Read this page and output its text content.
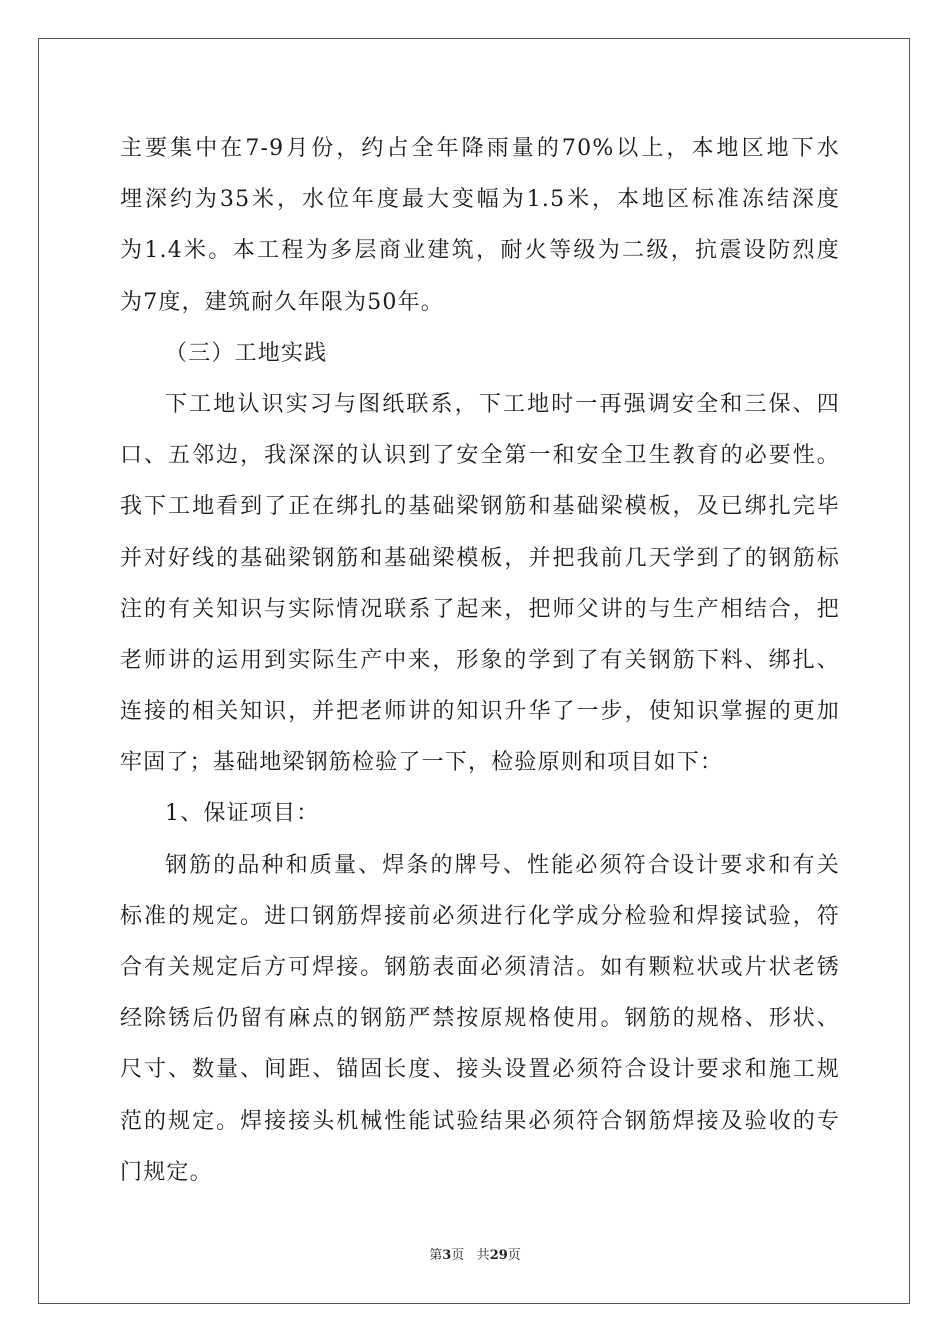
主要集中在7-9月份，约占全年降雨量的70%以上，本地区地下水
埋深约为35米，水位年度最大变幅为1.5米，本地区标准冻结深度
为1.4米。本工程为多层商业建筑，耐火等级为二级，抗震设防烈度
为7度，建筑耐久年限为50年。
（三）工地实践
下工地认识实习与图纸联系，下工地时一再强调安全和三保、四
口、五邻边，我深深的认识到了安全第一和安全卫生教育的必要性。
我下工地看到了正在绑扎的基础梁钢筋和基础梁模板，及已绑扎完毕
并对好线的基础梁钢筋和基础梁模板，并把我前几天学到了的钢筋标
注的有关知识与实际情况联系了起来，把师父讲的与生产相结合，把
老师讲的运用到实际生产中来，形象的学到了有关钢筋下料、绑扎、
连接的相关知识，并把老师讲的知识升华了一步，使知识掌握的更加
牢固了；基础地梁钢筋检验了一下，检验原则和项目如下：
1、保证项目：
钢筋的品种和质量、焊条的牌号、性能必须符合设计要求和有关
标准的规定。进口钢筋焊接前必须进行化学成分检验和焊接试验，符
合有关规定后方可焊接。钢筋表面必须清洁。如有颗粒状或片状老锈
经除锈后仍留有麻点的钢筋严禁按原规格使用。钢筋的规格、形状、
尺寸、数量、间距、锚固长度、接头设置必须符合设计要求和施工规
范的规定。焊接接头机械性能试验结果必须符合钢筋焊接及验收的专
门规定。
第3页 共29页
